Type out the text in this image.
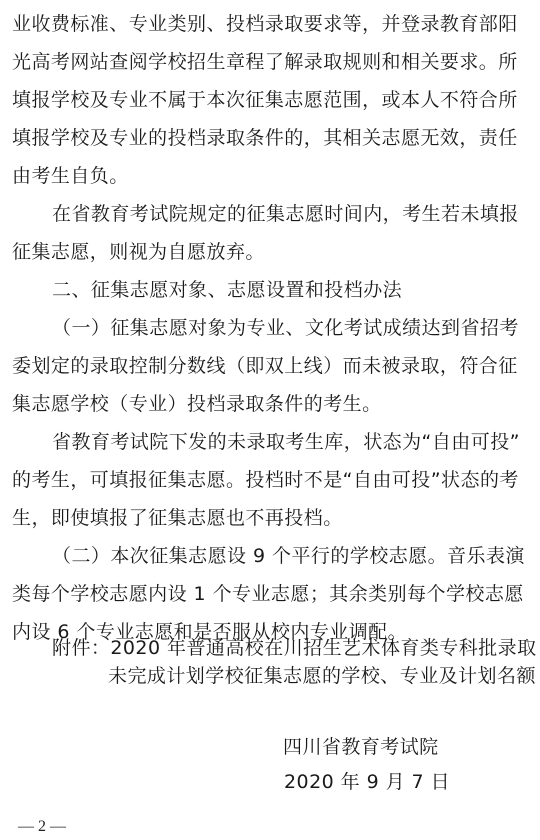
业收费标准、专业类别、投档录取要求等，并登录教育部阳
光高考网站查阅学校招生章程了解录取规则和相关要求。所
填报学校及专业不属于本次征集志愿范围，或本人不符合所
填报学校及专业的投档录取条件的，其相关志愿无效，责任
由考生自负。
在省教育考试院规定的征集志愿时间内，考生若未填报
征集志愿，则视为自愿放弃。
二、征集志愿对象、志愿设置和投档办法
（一）征集志愿对象为专业、文化考试成绩达到省招考
委划定的录取控制分数线（即双上线）而未被录取，符合征
集志愿学校（专业）投档录取条件的考生。
省教育考试院下发的未录取考生库，状态为“自由可投”
的考生，可填报征集志愿。投档时不是“自由可投”状态的考
生，即使填报了征集志愿也不再投档。
（二）本次征集志愿设 9 个平行的学校志愿。音乐表演
类每个学校志愿内设 1 个专业志愿；其余类别每个学校志愿
内设 6 个专业志愿和是否服从校内专业调配。
附件：2020 年普通高校在川招生艺术体育类专科批录取
未完成计划学校征集志愿的学校、专业及计划名额
— 2 —
四川省教育考试院
2020 年 9 月 7 日
